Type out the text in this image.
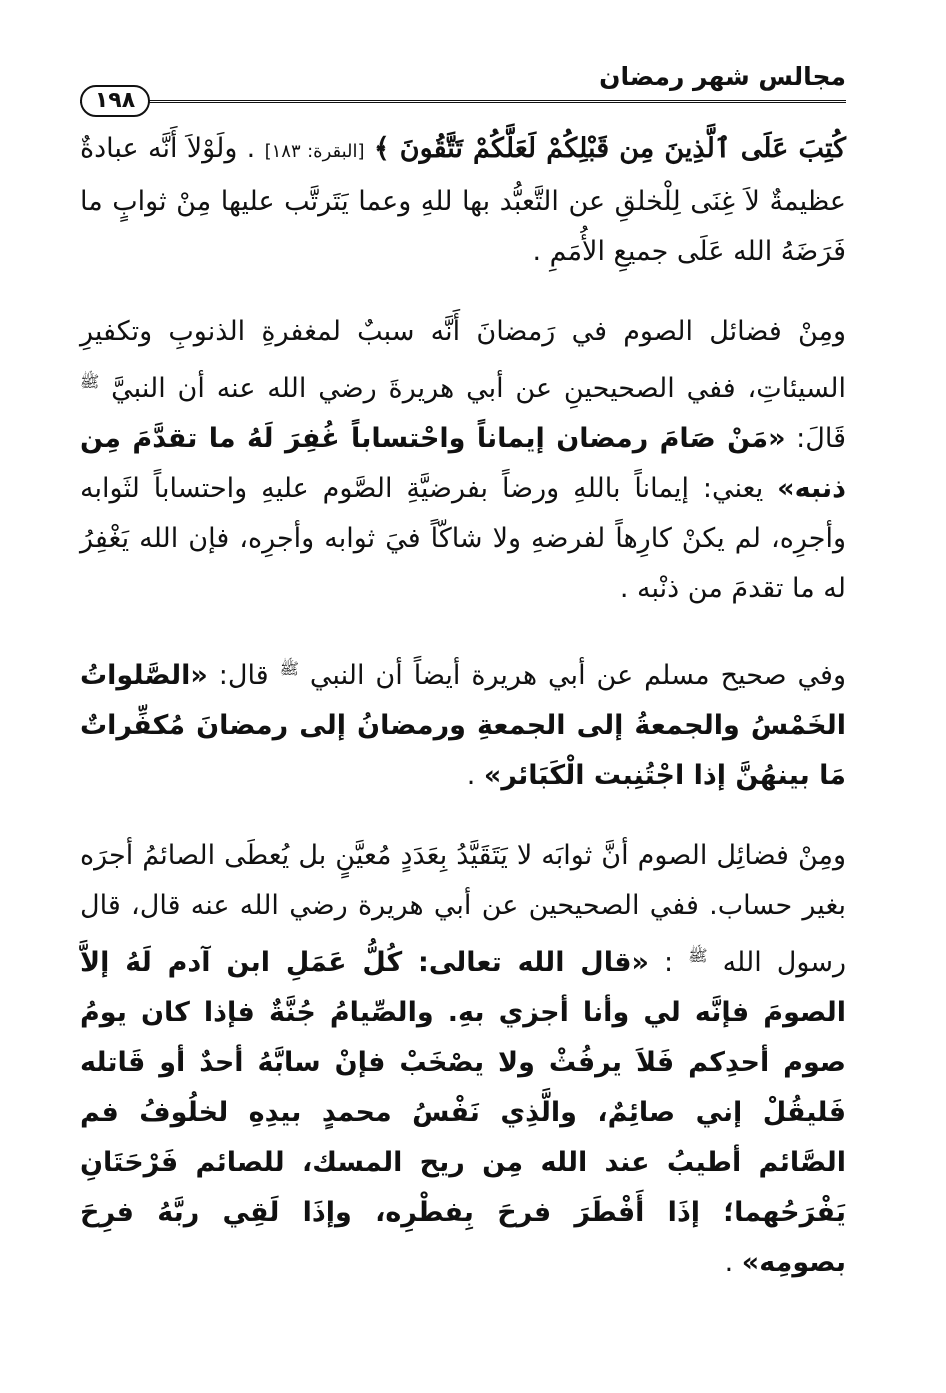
مجالس شهر رمضان
١٩٨

كُتِبَ عَلَى ٱلَّذِينَ مِن قَبْلِكُمْ لَعَلَّكُمْ تَتَّقُونَ ﴾ [البقرة: ١٨٣] . ولَوْلاَ أَنَّه عبادةٌ عظيمةٌ لاَ غِنَى لِلْخلقِ عن التَّعبُّد بها للهِ وعما يَتَرتَّب عليها مِنْ ثوابٍ ما فَرَضَهُ الله عَلَى جميعِ الأُمَمِ .

ومِنْ فضائل الصوم في رَمضانَ أَنَّه سببٌ لمغفرةِ الذنوبِ وتكفيرِ السيئاتِ، ففي الصحيحينِ عن أبي هريرةَ رضي الله عنه أن النبيَّ $^ﷺ$ قَالَ: «مَنْ صَامَ رمضان إيماناً واحْتساباً غُفِرَ لَهُ ما تقدَّمَ مِن ذنبه» يعني: إيماناً باللهِ ورضاً بفرضيَّةِ الصَّوم عليهِ واحتساباً لثَوابه وأجرِه، لم يكنْ كارِهاً لفرضهِ ولا شاكّاً فيَ ثوابه وأجرِه، فإن الله يَغْفِرُ له ما تقدمَ من ذنْبه .

وفي صحيح مسلم عن أبي هريرة أيضاً أن النبي $^ﷺ$ قال: «الصَّلواتُ الخَمْسُ والجمعةُ إلى الجمعةِ ورمضانُ إلى رمضانَ مُكفِّراتٌ مَا بينهُنَّ إذا اجْتُنِبت الْكَبَائر» .

ومِنْ فضائِل الصوم أنَّ ثوابَه لا يَتَقَيَّدُ بِعَدَدٍ مُعيَّنٍ بل يُعطَى الصائمُ أجرَه بغير حساب. ففي الصحيحين عن أبي هريرة رضي الله عنه قال، قال رسول الله $^ﷺ$ : «قال الله تعالى: كُلُّ عَمَلِ ابن آدم لَهُ إلاَّ الصومَ فإنَّه لي وأنا أجزي بهِ. والصِّيامُ جُنَّةٌ فإذا كان يومُ صوم أحدِكم فَلاَ يرفُثْ ولا يصْخَبْ فإنْ سابَّهُ أحدٌ أو قَاتله فَليقُلْ إني صائِمٌ، والَّذِي نَفْسُ محمدٍ بيدِهِ لخلُوفُ فم الصَّائم أطيبُ عند الله مِن ريح المسك، للصائم فَرْحَتَانِ يَفْرَحُهما؛ إذَا أَفْطَرَ فرحَ بِفطْرِه، وإذَا لَقِي ربَّهُ فرِحَ بصومِه» .
